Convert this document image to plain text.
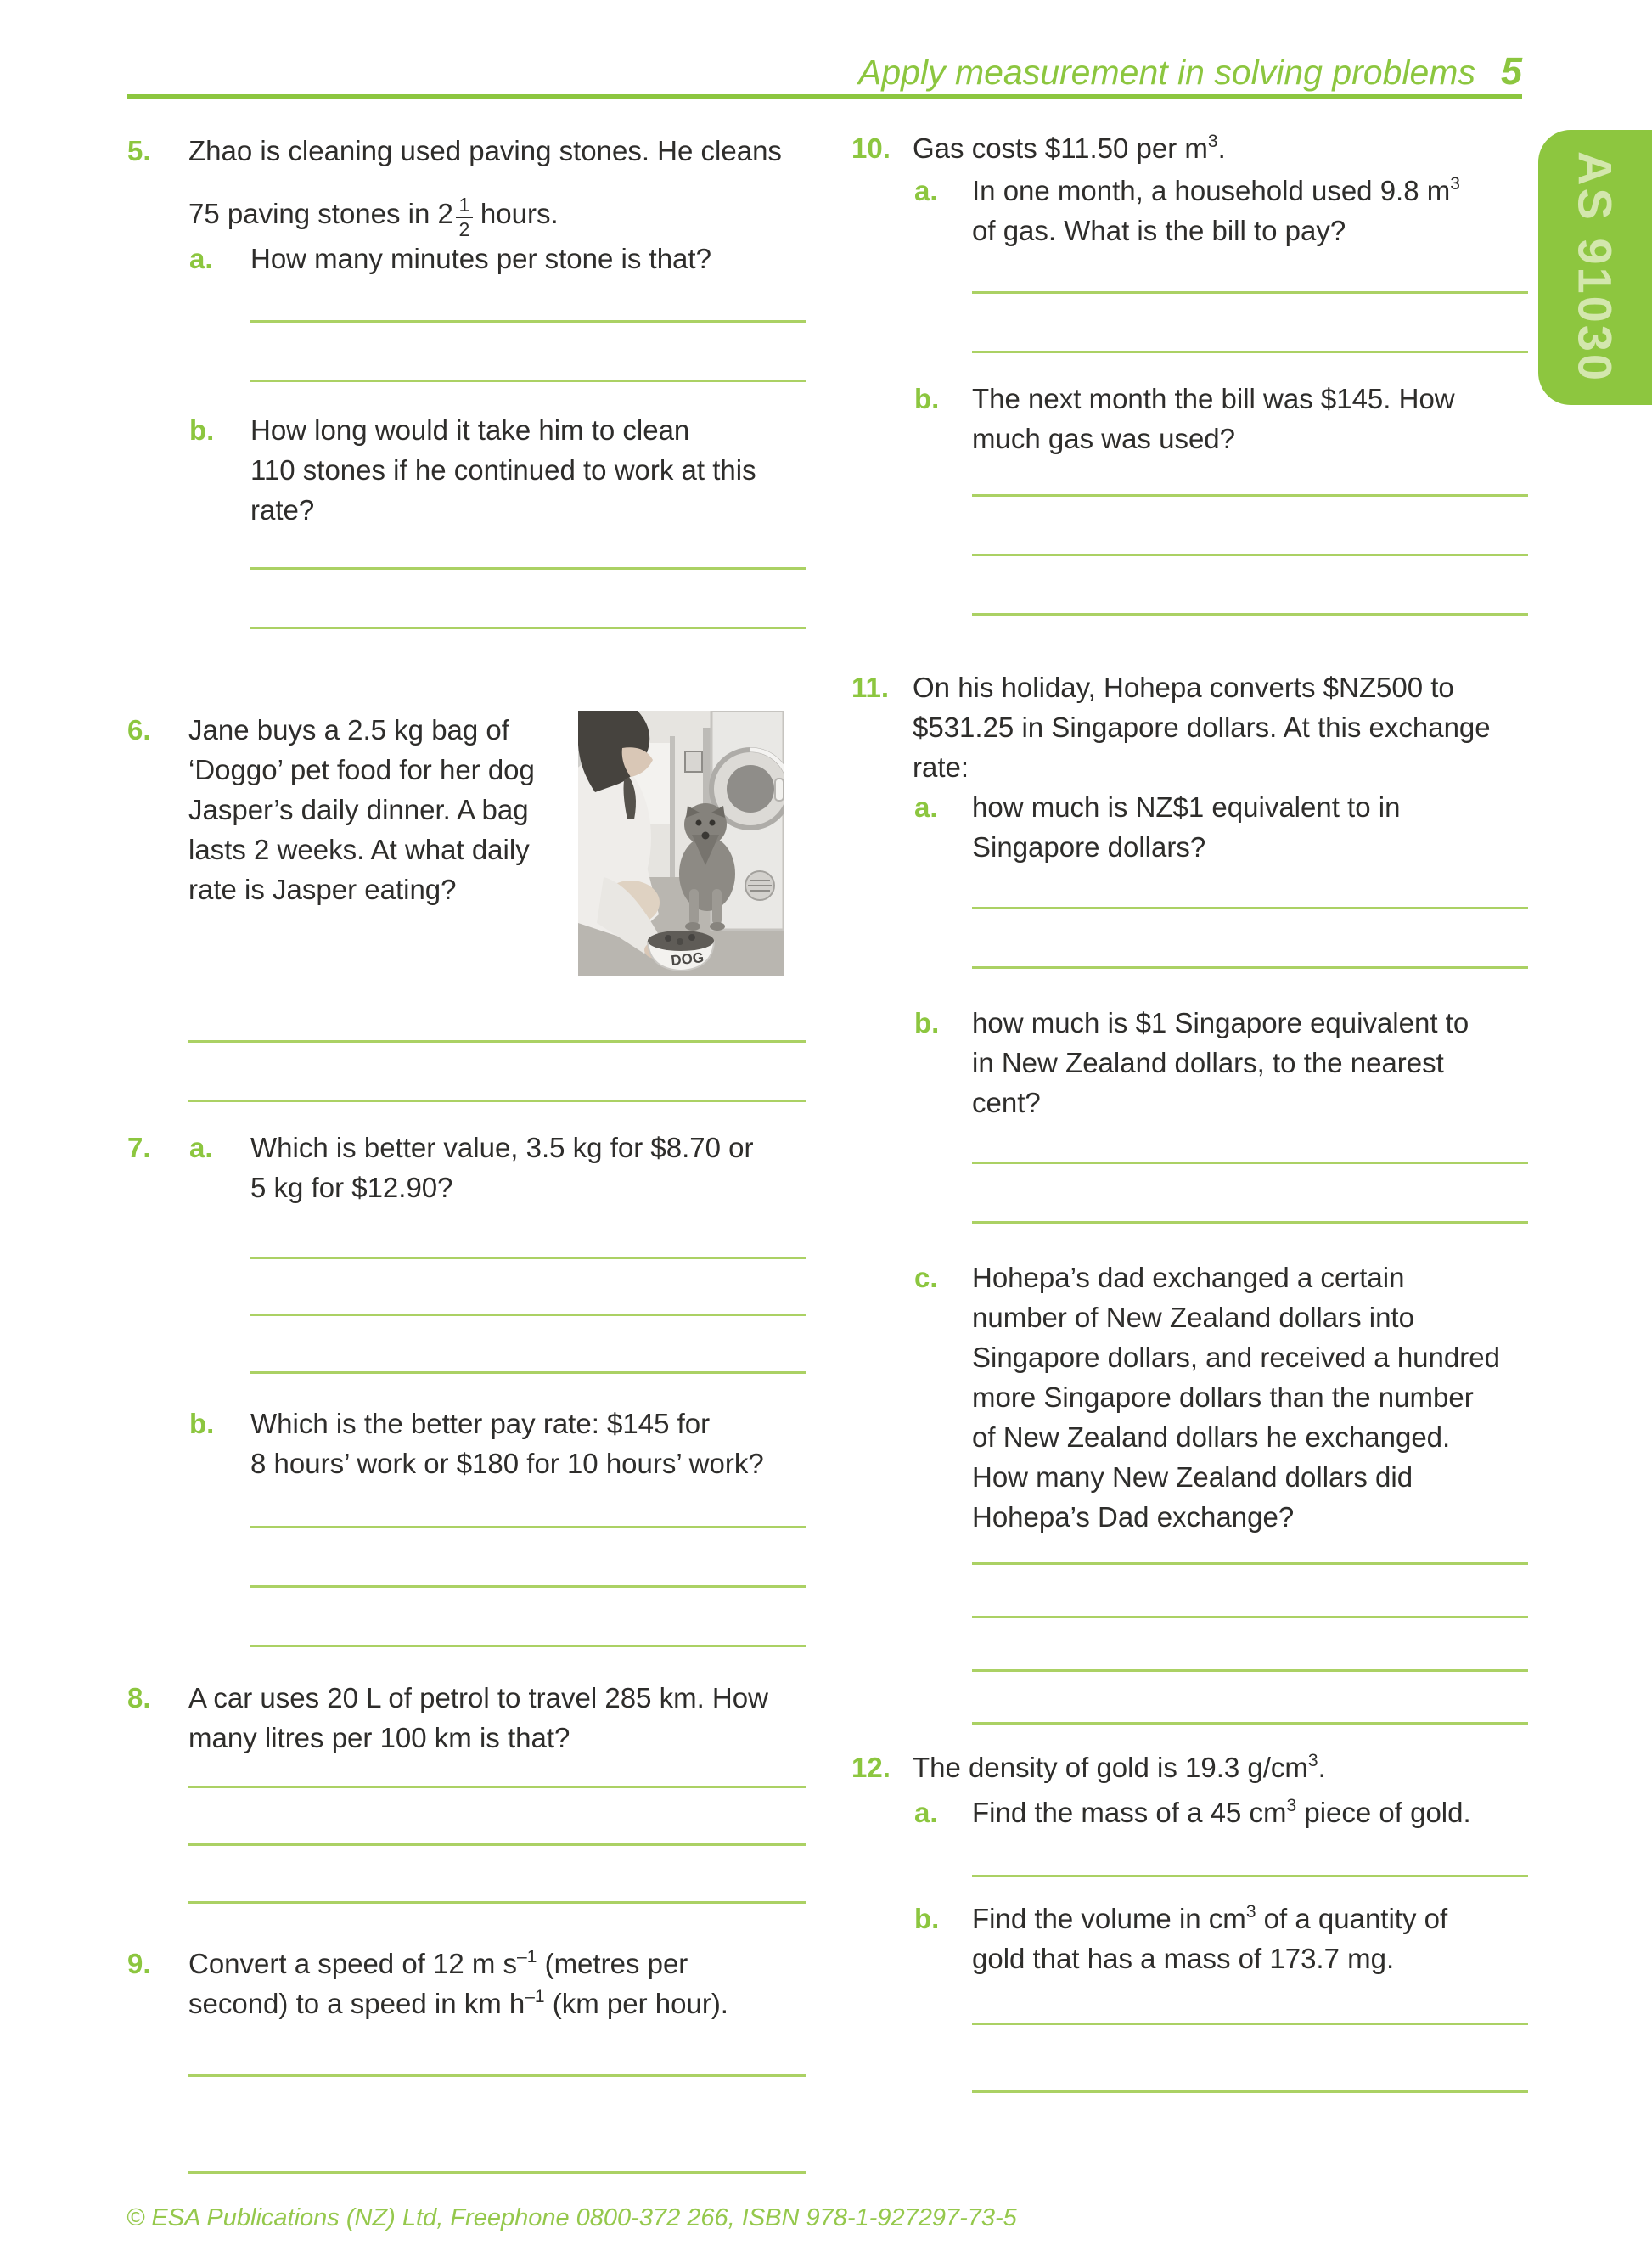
Apply measurement in solving problems 5
AS 91030
5. Zhao is cleaning used paving stones. He cleans
75 paving stones in $2 \frac{1}{2}$ hours.
a. How many minutes per stone is that?
b. How long would it take him to clean
110 stones if he continued to work at this
rate?
6. Jane buys a 2.5 kg bag of
‘Doggo’ pet food for her dog
Jasper’s daily dinner. A bag
lasts 2 weeks. At what daily
rate is Jasper eating?
DOG
7. a. Which is better value, 3.5 kg for $8.70 or
5 kg for $12.90?
b. Which is the better pay rate: $145 for
8 hours’ work or $180 for 10 hours’ work?
8. A car uses 20 L of petrol to travel 285 km. How
many litres per 100 km is that?
9. Convert a speed of 12 m $s^{-1}$ (metres per
second) to a speed in km $h^{-1}$ (km per hour).
10. Gas costs $11.50 per $m^3$.
a. In one month, a household used 9.8 $m^3$
of gas. What is the bill to pay?
b. The next month the bill was $145. How
much gas was used?
11. On his holiday, Hohepa converts $NZ500 to
$531.25 in Singapore dollars. At this exchange
rate:
a. how much is NZ$1 equivalent to in
Singapore dollars?
b. how much is $1 Singapore equivalent to
in New Zealand dollars, to the nearest
cent?
c. Hohepa’s dad exchanged a certain
number of New Zealand dollars into
Singapore dollars, and received a hundred
more Singapore dollars than the number
of New Zealand dollars he exchanged.
How many New Zealand dollars did
Hohepa’s Dad exchange?
12. The density of gold is 19.3 $g/cm^3$.
a. Find the mass of a 45 $cm^3$ piece of gold.
b. Find the volume in $cm^3$ of a quantity of
gold that has a mass of 173.7 mg.
© ESA Publications (NZ) Ltd, Freephone 0800-372 266, ISBN 978-1-927297-73-5
